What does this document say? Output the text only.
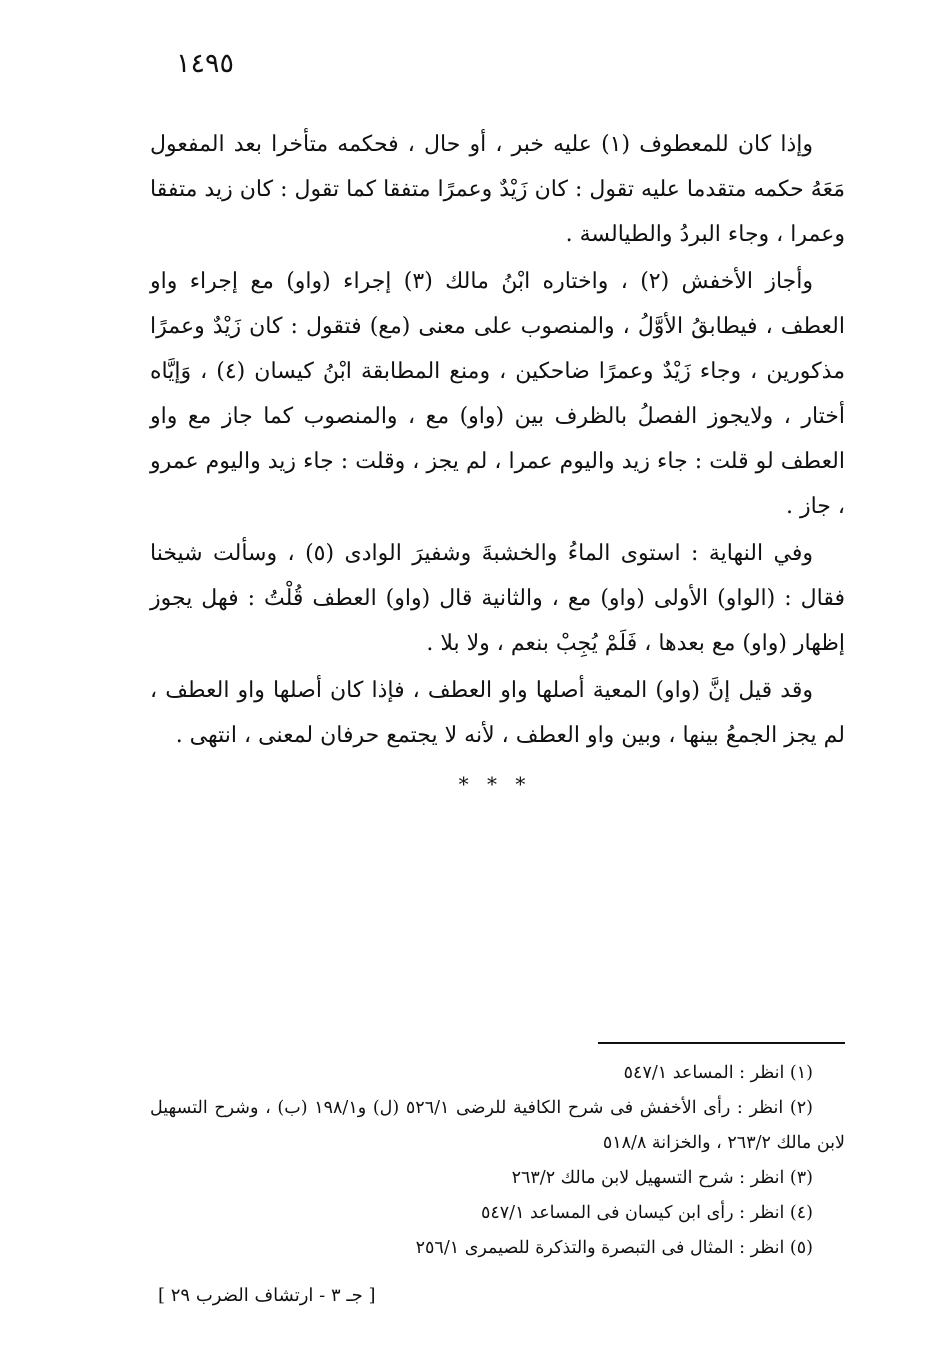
١٤٩٥

وإذا كان للمعطوف (١) عليه خبر ، أو حال ، فحكمه متأخرا بعد المفعول مَعَهُ حكمه متقدما عليه تقول : كان زَيْدٌ وعمرًا متفقا كما تقول : كان زيد متفقا وعمرا ، وجاء البردُ والطيالسة .

وأجاز الأخفش (٢) ، واختاره ابْنُ مالك (٣) إجراء (واو) مع إجراء واو العطف ، فيطابقُ الأوَّلُ ، والمنصوب على معنى (مع) فتقول : كان زَيْدٌ وعمرًا مذكورين ، وجاء زَيْدٌ وعمرًا ضاحكين ، ومنع المطابقة ابْنُ كيسان (٤) ، وَإيَّاه أختار ، ولايجوز الفصلُ بالظرف بين (واو) مع ، والمنصوب كما جاز مع واو العطف لو قلت : جاء زيد واليوم عمرا ، لم يجز ، وقلت : جاء زيد واليوم عمرو ، جاز .

وفي النهاية : استوى الماءُ والخشبةَ وشفيرَ الوادى (٥) ، وسألت شيخنا فقال : (الواو) الأولى (واو) مع ، والثانية قال (واو) العطف قُلْتُ : فهل يجوز إظهار (واو) مع بعدها ، فَلَمْ يُجِبْ بنعم ، ولا بلا .

وقد قيل إنَّ (واو) المعية أصلها واو العطف ، فإذا كان أصلها واو العطف ، لم يجز الجمعُ بينها ، وبين واو العطف ، لأنه لا يجتمع حرفان لمعنى ، انتهى .

* * *

(١) انظر : المساعد ٥٤٧/١

(٢) انظر : رأى الأخفش فى شرح الكافية للرضى ٥٢٦/١ (ل) و١٩٨/١ (ب) ، وشرح التسهيل لابن مالك ٢٦٣/٢ ، والخزانة ٥١٨/٨

(٣) انظر : شرح التسهيل لابن مالك ٢٦٣/٢

(٤) انظر : رأى ابن كيسان فى المساعد ٥٤٧/١

(٥) انظر : المثال فى التبصرة والتذكرة للصيمرى ٢٥٦/١

[ جـ ٣ - ارتشاف الضرب ٢٩ ]
